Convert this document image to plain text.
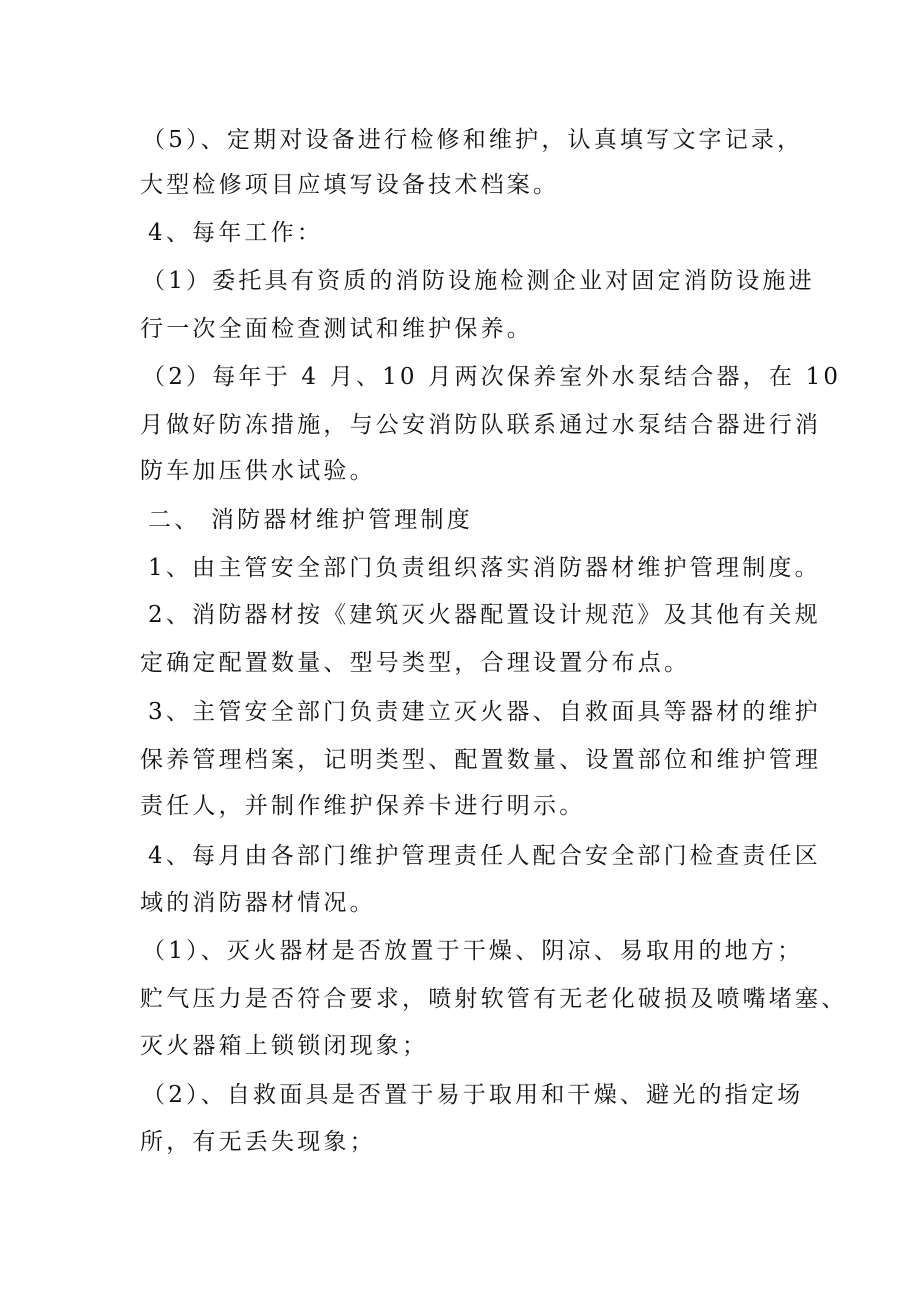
（5）、定期对设备进行检修和维护，认真填写文字记录，
大型检修项目应填写设备技术档案。
4、每年工作：
（1）委托具有资质的消防设施检测企业对固定消防设施进
行一次全面检查测试和维护保养。
（2）每年于 4 月、10 月两次保养室外水泵结合器，在 10
月做好防冻措施，与公安消防队联系通过水泵结合器进行消
防车加压供水试验。
二、 消防器材维护管理制度
1、由主管安全部门负责组织落实消防器材维护管理制度。
2、消防器材按《建筑灭火器配置设计规范》及其他有关规
定确定配置数量、型号类型，合理设置分布点。
3、主管安全部门负责建立灭火器、自救面具等器材的维护
保养管理档案，记明类型、配置数量、设置部位和维护管理
责任人，并制作维护保养卡进行明示。
4、每月由各部门维护管理责任人配合安全部门检查责任区
域的消防器材情况。
（1）、灭火器材是否放置于干燥、阴凉、易取用的地方；
贮气压力是否符合要求，喷射软管有无老化破损及喷嘴堵塞、
灭火器箱上锁锁闭现象；
（2）、自救面具是否置于易于取用和干燥、避光的指定场
所，有无丢失现象；
